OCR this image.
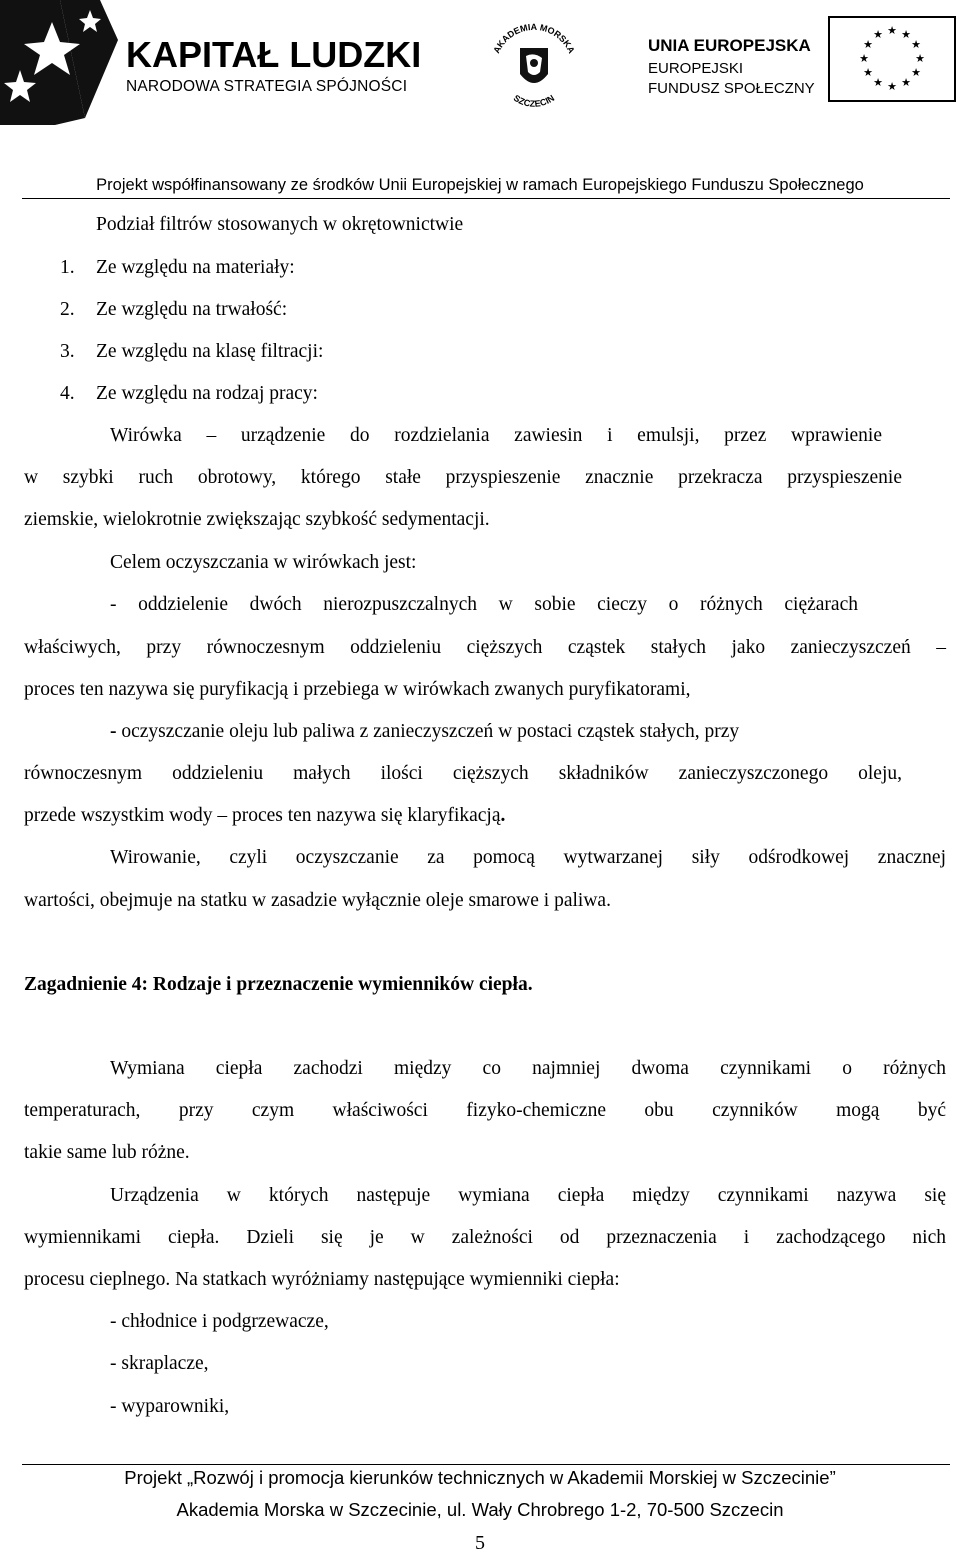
KAPITAŁ LUDZKI
NARODOWA STRATEGIA SPÓJNOŚCI
AKADEMIA MORSKA
SZCZECIN
UNIA EUROPEJSKA
EUROPEJSKI
FUNDUSZ SPOŁECZNY
★ ★
★
★
★
★
★
★
★
★
★
★
Projekt współfinansowany ze środków Unii Europejskiej w ramach Europejskiego Funduszu Społecznego
Podział filtrów stosowanych w okrętownictwie
1. Ze względu na materiały:
2. Ze względu na trwałość:
3. Ze względu na klasę filtracji:
4. Ze względu na rodzaj pracy:
Wirówka – urządzenie do rozdzielania zawiesin i emulsji, przez wprawienie
w szybki ruch obrotowy, którego stałe przyspieszenie znacznie przekracza przyspieszenie
ziemskie, wielokrotnie zwiększając szybkość sedymentacji.
Celem oczyszczania w wirówkach jest:
- oddzielenie dwóch nierozpuszczalnych w sobie cieczy o różnych ciężarach
właściwych, przy równoczesnym oddzieleniu cięższych cząstek stałych jako zanieczyszczeń –
proces ten nazywa się puryfikacją i przebiega w wirówkach zwanych puryfikatorami,
- oczyszczanie oleju lub paliwa z zanieczyszczeń w postaci cząstek stałych, przy
równoczesnym oddzieleniu małych ilości cięższych składników zanieczyszczonego oleju,
przede wszystkim wody – proces ten nazywa się klaryfikacją.
Wirowanie, czyli oczyszczanie za pomocą wytwarzanej siły odśrodkowej znacznej
wartości, obejmuje na statku w zasadzie wyłącznie oleje smarowe i paliwa.
Zagadnienie 4: Rodzaje i przeznaczenie wymienników ciepła.
Wymiana ciepła zachodzi między co najmniej dwoma czynnikami o różnych
temperaturach, przy czym właściwości fizyko-chemiczne obu czynników mogą być
takie same lub różne.
Urządzenia w których następuje wymiana ciepła między czynnikami nazywa się
wymiennikami ciepła. Dzieli się je w zależności od przeznaczenia i zachodzącego nich
procesu cieplnego. Na statkach wyróżniamy następujące wymienniki ciepła:
- chłodnice i podgrzewacze,
- skraplacze,
- wyparowniki,
Projekt „Rozwój i promocja kierunków technicznych w Akademii Morskiej w Szczecinie”
Akademia Morska w Szczecinie, ul. Wały Chrobrego 1-2, 70-500 Szczecin
5
